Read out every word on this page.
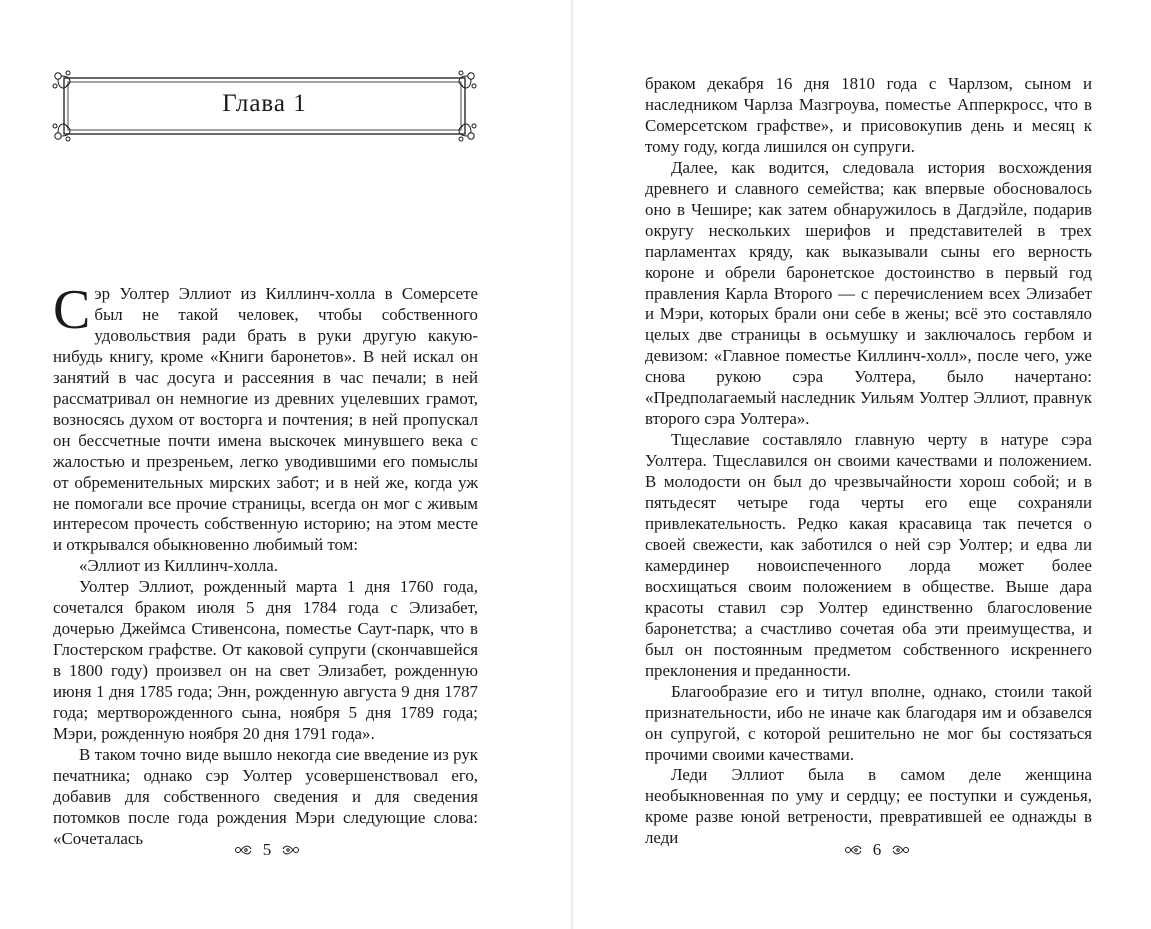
Глава 1

Сэр Уолтер Эллиот из Киллинч-холла в Сомерсете был не такой человек, чтобы собственного удовольствия ради брать в руки другую какую-нибудь книгу, кроме «Книги баронетов». В ней искал он занятий в час досуга и рассеяния в час печали; в ней рассматривал он немногие из древних уцелевших грамот, возносясь духом от восторга и почтения; в ней пропускал он бессчетные почти имена выскочек минувшего века с жалостью и презреньем, легко уводившими его помыслы от обременительных мирских забот; и в ней же, когда уж не помогали все прочие страницы, всегда он мог с живым интересом прочесть собственную историю; на этом месте и открывался обыкновенно любимый том:

«Эллиот из Киллинч-холла.

Уолтер Эллиот, рожденный марта 1 дня 1760 года, сочетался браком июля 5 дня 1784 года с Элизабет, дочерью Джеймса Стивенсона, поместье Саут-парк, что в Глостерском графстве. От каковой супруги (скончавшейся в 1800 году) произвел он на свет Элизабет, рожденную июня 1 дня 1785 года; Энн, рожденную августа 9 дня 1787 года; мертворожденного сына, ноября 5 дня 1789 года; Мэри, рожденную ноября 20 дня 1791 года».

В таком точно виде вышло некогда сие введение из рук печатника; однако сэр Уолтер усовершенствовал его, добавив для собственного сведения и для сведения потомков после года рождения Мэри следующие слова: «Сочеталась

5	6

браком декабря 16 дня 1810 года с Чарлзом, сыном и наследником Чарлза Мазгроува, поместье Апперкросс, что в Сомерсетском графстве», и присовокупив день и месяц к тому году, когда лишился он супруги.

Далее, как водится, следовала история восхождения древнего и славного семейства; как впервые обосновалось оно в Чешире; как затем обнаружилось в Дагдэйле, подарив округу нескольких шерифов и представителей в трех парламентах кряду, как выказывали сыны его верность короне и обрели баронетское достоинство в первый год правления Карла Второго — с перечислением всех Элизабет и Мэри, которых брали они себе в жены; всё это составляло целых две страницы в осьмушку и заключалось гербом и девизом: «Главное поместье Киллинч-холл», после чего, уже снова рукою сэра Уолтера, было начертано: «Предполагаемый наследник Уильям Уолтер Эллиот, правнук второго сэра Уолтера».

Тщеславие составляло главную черту в натуре сэра Уолтера. Тщеславился он своими качествами и положением. В молодости он был до чрезвычайности хорош собой; и в пятьдесят четыре года черты его еще сохраняли привлекательность. Редко какая красавица так печется о своей свежести, как заботился о ней сэр Уолтер; и едва ли камердинер новоиспеченного лорда может более восхищаться своим положением в обществе. Выше дара красоты ставил сэр Уолтер единственно благословение баронетства; а счастливо сочетая оба эти преимущества, и был он постоянным предметом собственного искреннего преклонения и преданности.

Благообразие его и титул вполне, однако, стоили такой признательности, ибо не иначе как благодаря им и обзавелся он супругой, с которой решительно не мог бы состязаться прочими своими качествами.

Леди Эллиот была в самом деле женщина необыкновенная по уму и сердцу; ее поступки и сужденья, кроме разве юной ветрености, превратившей ее однажды в леди
